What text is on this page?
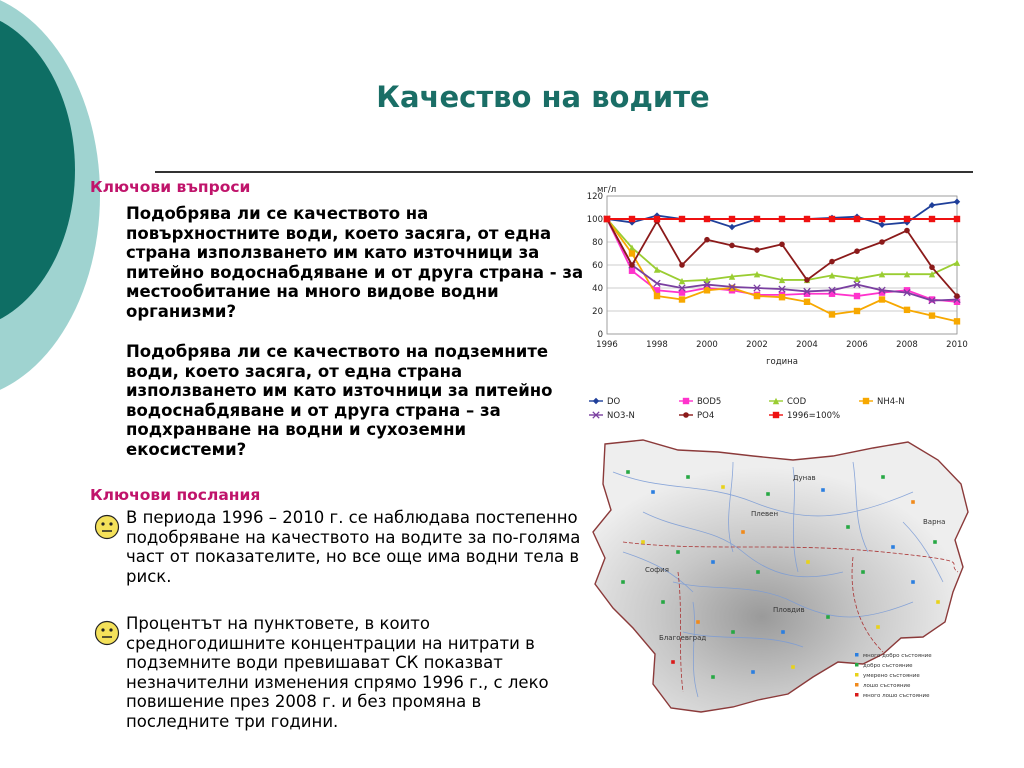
Качество на водите
Ключови въпроси
Подобрява ли се качеството на повърхностните води, което засяга, от една страна използването им като източници за питейно водоснабдяване и от друга страна - за местообитание на много видове водни организми?
Подобрява ли се качеството на подземните води, което засяга, от една страна използването им като източници за питейно водоснабдяване и от друга страна – за подхранване на водни и сухоземни екосистеми?
Ключови послания
В периода 1996 – 2010 г. се наблюдава постепенно подобряване на качеството на водите за по-голяма част от показателите, но все още има водни тела в риск.
Процентът на пунктовете, в които средногодишните концентрации на нитрати в подземните води превишават СК показват незначителни изменения спрямо 1996 г., с леко повишение през 2008 г. и без промяна в последните три години.
0
20
40
60
80
100
120
1996	1998	2000	2002	2004	2006	2008	2010
мг/л
година
DO	BOD5	COD	NH4-N
NO3-N	PO4	1996=100%
Дунав
Плевен
Варна
София
Пловдив
Благоевград
много добро състояние
добро състояние
умерено състояние
лошо състояние
много лошо състояние
